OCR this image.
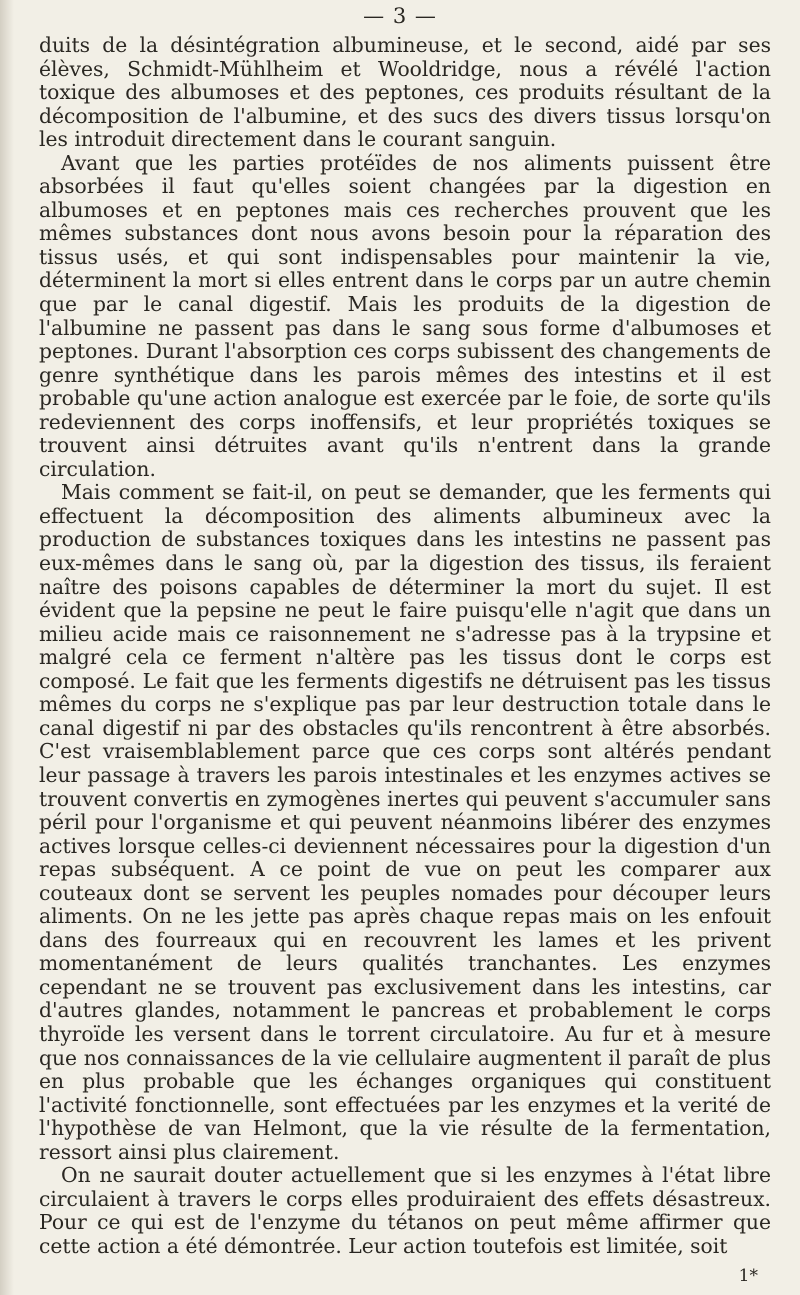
— 3 —

duits de la désintégration albumineuse, et le second, aidé par ses élèves, Schmidt-Mühlheim et Wooldridge, nous a révélé l'action toxique des albumoses et des peptones, ces produits résultant de la décomposition de l'albumine, et des sucs des divers tissus lorsqu'on les introduit directement dans le courant sanguin.

Avant que les parties protéïdes de nos aliments puissent être absorbées il faut qu'elles soient changées par la digestion en albumoses et en peptones mais ces recherches prouvent que les mêmes substances dont nous avons besoin pour la réparation des tissus usés, et qui sont indispensables pour maintenir la vie, déterminent la mort si elles entrent dans le corps par un autre chemin que par le canal digestif. Mais les produits de la digestion de l'albumine ne passent pas dans le sang sous forme d'albumoses et peptones. Durant l'absorption ces corps subissent des changements de genre synthétique dans les parois mêmes des intestins et il est probable qu'une action analogue est exercée par le foie, de sorte qu'ils redeviennent des corps inoffensifs, et leur propriétés toxiques se trouvent ainsi détruites avant qu'ils n'entrent dans la grande circulation.

Mais comment se fait-il, on peut se demander, que les ferments qui effectuent la décomposition des aliments albumineux avec la production de substances toxiques dans les intestins ne passent pas eux-mêmes dans le sang où, par la digestion des tissus, ils feraient naître des poisons capables de déterminer la mort du sujet. Il est évident que la pepsine ne peut le faire puisqu'elle n'agit que dans un milieu acide mais ce raisonnement ne s'adresse pas à la trypsine et malgré cela ce ferment n'altère pas les tissus dont le corps est composé. Le fait que les ferments digestifs ne détruisent pas les tissus mêmes du corps ne s'explique pas par leur destruction totale dans le canal digestif ni par des obstacles qu'ils rencontrent à être absorbés. C'est vraisemblablement parce que ces corps sont altérés pendant leur passage à travers les parois intestinales et les enzymes actives se trouvent convertis en zymogènes inertes qui peuvent s'accumuler sans péril pour l'organisme et qui peuvent néanmoins libérer des enzymes actives lorsque celles-ci deviennent nécessaires pour la digestion d'un repas subséquent. A ce point de vue on peut les comparer aux couteaux dont se servent les peuples nomades pour découper leurs aliments. On ne les jette pas après chaque repas mais on les enfouit dans des fourreaux qui en recouvrent les lames et les privent momentanément de leurs qualités tranchantes. Les enzymes cependant ne se trouvent pas exclusivement dans les intestins, car d'autres glandes, notamment le pancreas et probablement le corps thyroïde les versent dans le torrent circulatoire. Au fur et à mesure que nos connaissances de la vie cellulaire augmentent il paraît de plus en plus probable que les échanges organiques qui constituent l'activité fonctionnelle, sont effectuées par les enzymes et la verité de l'hypothèse de van Helmont, que la vie résulte de la fermentation, ressort ainsi plus clairement.

On ne saurait douter actuellement que si les enzymes à l'état libre circulaient à travers le corps elles produiraient des effets désastreux. Pour ce qui est de l'enzyme du tétanos on peut même affirmer que cette action a été démontrée. Leur action toutefois est limitée, soit

1*
